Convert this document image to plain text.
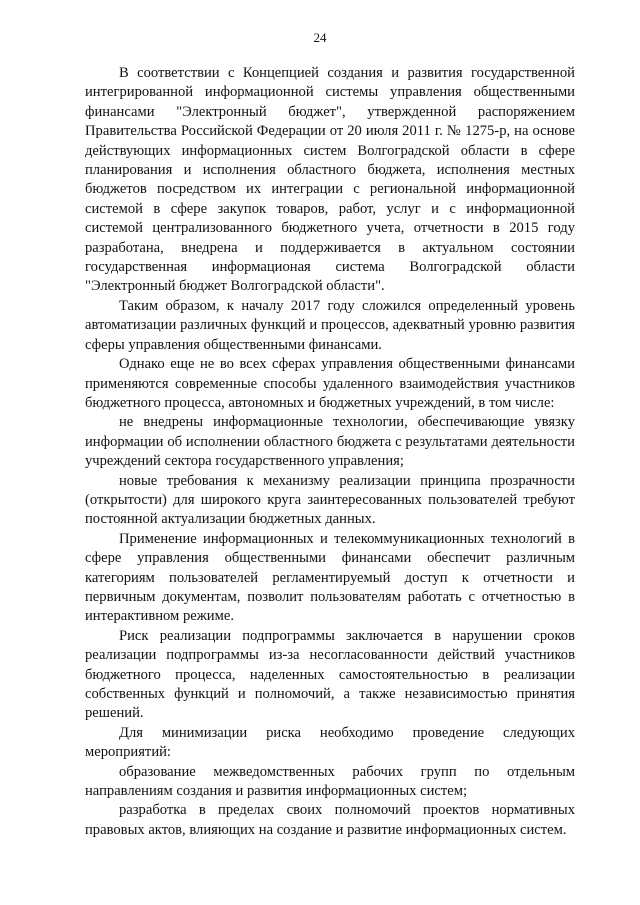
24

В соответствии с Концепцией создания и развития государственной интегрированной информационной системы управления общественными финансами "Электронный бюджет", утвержденной распоряжением Правительства Российской Федерации от 20 июля 2011 г. № 1275-р, на основе действующих информационных систем Волгоградской области в сфере планирования и исполнения областного бюджета, исполнения местных бюджетов посредством их интеграции с региональной информационной системой в сфере закупок товаров, работ, услуг и с информационной системой централизованного бюджетного учета, отчетности в 2015 году разработана, внедрена и поддерживается в актуальном состоянии государственная информационая система Волгоградской области "Электронный бюджет Волгоградской области".

Таким образом, к началу 2017 году сложился определенный уровень автоматизации различных функций и процессов, адекватный уровню развития сферы управления общественными финансами.

Однако еще не во всех сферах управления общественными финансами применяются современные способы удаленного взаимодействия участников бюджетного процесса, автономных и бюджетных учреждений, в том числе:

не внедрены информационные технологии, обеспечивающие увязку информации об исполнении областного бюджета с результатами деятельности учреждений сектора государственного управления;

новые требования к механизму реализации принципа прозрачности (открытости) для широкого круга заинтересованных пользователей требуют постоянной актуализации бюджетных данных.

Применение информационных и телекоммуникационных технологий в сфере управления общественными финансами обеспечит различным категориям пользователей регламентируемый доступ к отчетности и первичным документам, позволит пользователям работать с отчетностью в интерактивном режиме.

Риск реализации подпрограммы заключается в нарушении сроков реализации подпрограммы из-за несогласованности действий участников бюджетного процесса, наделенных самостоятельностью в реализации собственных функций и полномочий, а также независимостью принятия решений.

Для минимизации риска необходимо проведение следующих мероприятий:

образование межведомственных рабочих групп по отдельным направлениям создания и развития информационных систем;

разработка в пределах своих полномочий проектов нормативных правовых актов, влияющих на создание и развитие информационных систем.
